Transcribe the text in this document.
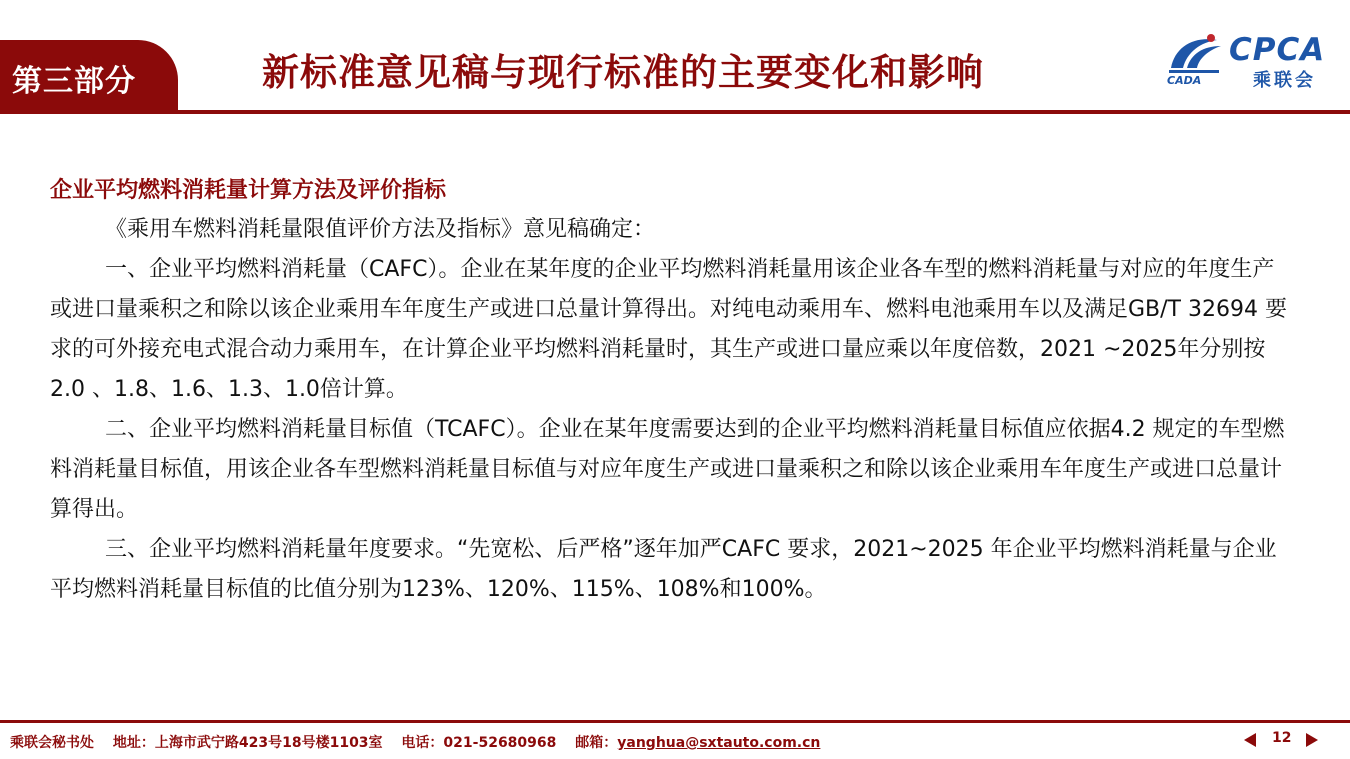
第三部分	新标准意见稿与现行标准的主要变化和影响	CADA
CPCA
乘联会

企业平均燃料消耗量计算方法及评价指标

《乘用车燃料消耗量限值评价方法及指标》意见稿确定：

一、企业平均燃料消耗量（CAFC）。企业在某年度的企业平均燃料消耗量用该企业各车型的燃料消耗量与对应的年度生产或进口量乘积之和除以该企业乘用车年度生产或进口总量计算得出。对纯电动乘用车、燃料电池乘用车以及满足GB/T 32694 要求的可外接充电式混合动力乘用车，在计算企业平均燃料消耗量时，其生产或进口量应乘以年度倍数，2021 ~2025年分别按2.0 、1.8、1.6、1.3、1.0倍计算。

二、企业平均燃料消耗量目标值（TCAFC）。企业在某年度需要达到的企业平均燃料消耗量目标值应依据4.2 规定的车型燃料消耗量目标值，用该企业各车型燃料消耗量目标值与对应年度生产或进口量乘积之和除以该企业乘用车年度生产或进口总量计算得出。

三、企业平均燃料消耗量年度要求。“先宽松、后严格”逐年加严CAFC 要求，2021~2025 年企业平均燃料消耗量与企业平均燃料消耗量目标值的比值分别为123%、120%、115%、108%和100%。

乘联会秘书处 地址：上海市武宁路423号18号楼1103室 电话：021-52680968 邮箱：yanghua@sxtauto.com.cn	12
